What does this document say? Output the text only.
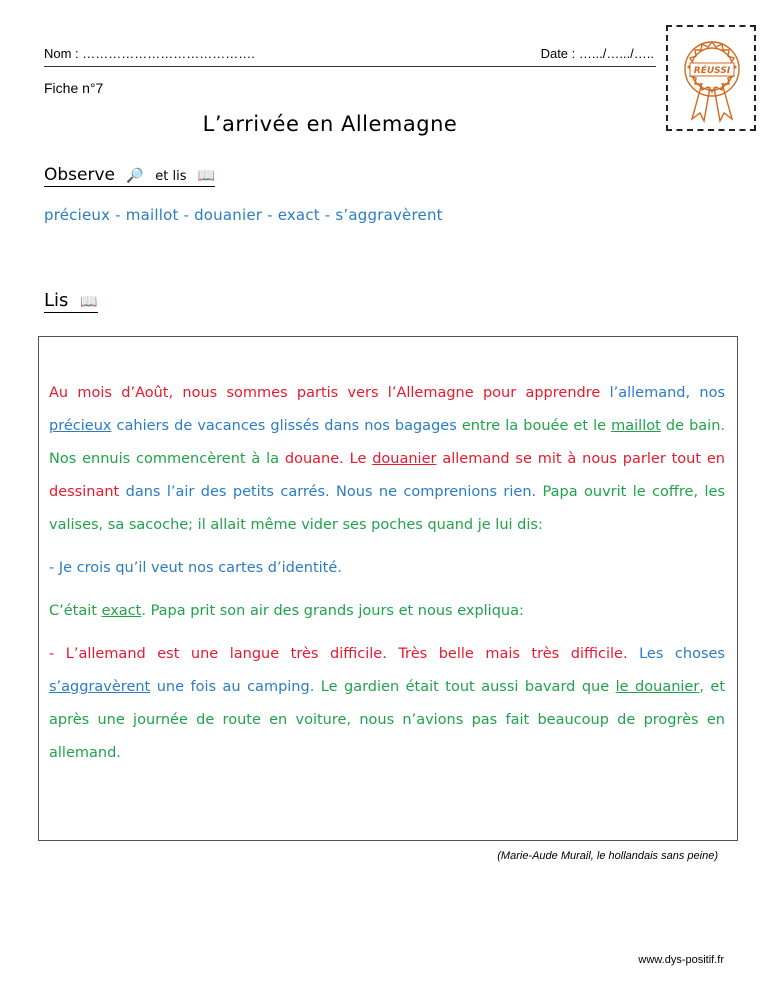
Nom : ………………………………….	Date : ….../….../…..
Fiche n°7
L’arrivée en Allemagne
RÉUSSI
Observe 🔎 et lis 📖
précieux - maillot - douanier - exact - s’aggravèrent
Lis 📖

Au mois d’Août, nous sommes partis vers l’Allemagne pour apprendre l’allemand, nos précieux cahiers de vacances glissés dans nos bagages entre la bouée et le maillot de bain. Nos ennuis commencèrent à la douane. Le douanier allemand se mit à nous parler tout en dessinant dans l’air des petits carrés. Nous ne comprenions rien. Papa ouvrit le coffre, les valises, sa sacoche; il allait même vider ses poches quand je lui dis:

- Je crois qu’il veut nos cartes d’identité.

C’était exact. Papa prit son air des grands jours et nous expliqua:

- L’allemand est une langue très difficile. Très belle mais très difficile. Les choses s’aggravèrent une fois au camping. Le gardien était tout aussi bavard que le douanier, et après une journée de route en voiture, nous n’avions pas fait beaucoup de progrès en allemand.

(Marie-Aude Murail, le hollandais sans peine)
www.dys-positif.fr
